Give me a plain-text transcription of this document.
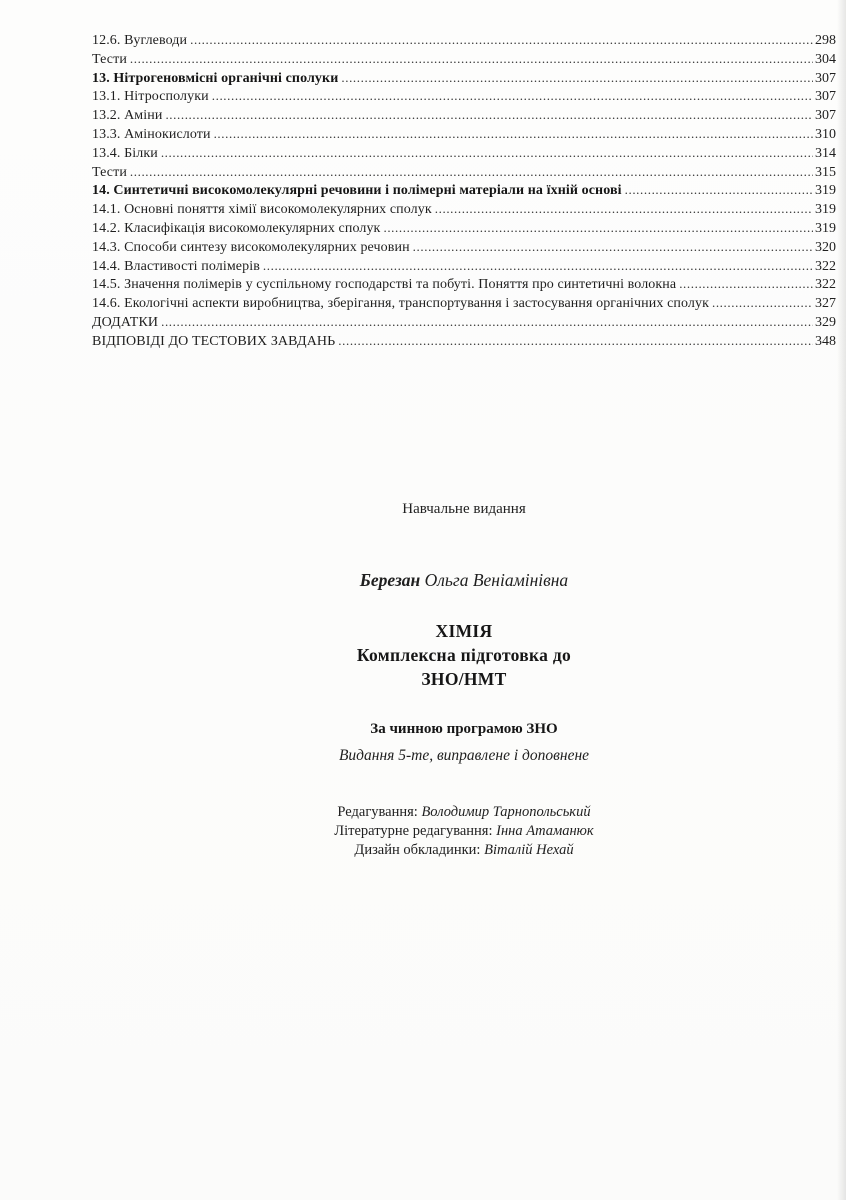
12.6. Вуглеводи .....	298
Тести .....	304
13. Нітрогеновмісні органічні сполуки .....	307
13.1. Нітросполуки .....	307
13.2. Аміни .....	307
13.3. Амінокислоти .....	310
13.4. Білки .....	314
Тести .....	315
14. Синтетичні високомолекулярні речовини і полімерні матеріали на їхній основі .....	319
14.1. Основні поняття хімії високомолекулярних сполук .....	319
14.2. Класифікація високомолекулярних сполук .....	319
14.3. Способи синтезу високомолекулярних речовин .....	320
14.4. Властивості полімерів .....	322
14.5. Значення полімерів у суспільному господарстві та побуті. Поняття про синтетичні волокна .....	322
14.6. Екологічні аспекти виробництва, зберігання, транспортування і застосування органічних сполук .....	327
ДОДАТКИ .....	329
ВІДПОВІДІ ДО ТЕСТОВИХ ЗАВДАНЬ .....	348
Навчальне видання
Березан Ольга Веніамінівна
ХІМІЯ
Комплексна підготовка до
ЗНО/НМТ
За чинною програмою ЗНО
Видання 5-те, виправлене і доповнене
Редагування: Володимир Тарнопольський
Літературне редагування: Інна Атаманюк
Дизайн обкладинки: Віталій Нехай
